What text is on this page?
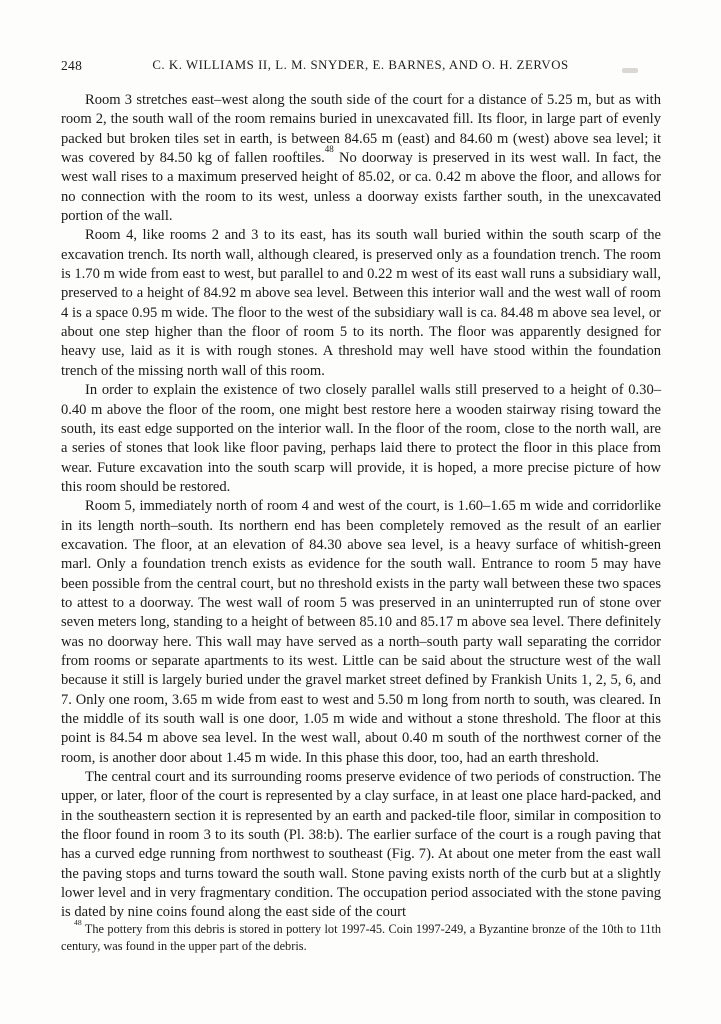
248	C. K. WILLIAMS II, L. M. SNYDER, E. BARNES, AND O. H. ZERVOS

Room 3 stretches east–west along the south side of the court for a distance of 5.25 m, but as with room 2, the south wall of the room remains buried in unexcavated fill. Its floor, in large part of evenly packed but broken tiles set in earth, is between 84.65 m (east) and 84.60 m (west) above sea level; it was covered by 84.50 kg of fallen rooftiles.$^{48}$ No doorway is preserved in its west wall. In fact, the west wall rises to a maximum preserved height of 85.02, or ca. 0.42 m above the floor, and allows for no connection with the room to its west, unless a doorway exists farther south, in the unexcavated portion of the wall.

Room 4, like rooms 2 and 3 to its east, has its south wall buried within the south scarp of the excavation trench. Its north wall, although cleared, is preserved only as a foundation trench. The room is 1.70 m wide from east to west, but parallel to and 0.22 m west of its east wall runs a subsidiary wall, preserved to a height of 84.92 m above sea level. Between this interior wall and the west wall of room 4 is a space 0.95 m wide. The floor to the west of the subsidiary wall is ca. 84.48 m above sea level, or about one step higher than the floor of room 5 to its north. The floor was apparently designed for heavy use, laid as it is with rough stones. A threshold may well have stood within the foundation trench of the missing north wall of this room.

In order to explain the existence of two closely parallel walls still preserved to a height of 0.30–0.40 m above the floor of the room, one might best restore here a wooden stairway rising toward the south, its east edge supported on the interior wall. In the floor of the room, close to the north wall, are a series of stones that look like floor paving, perhaps laid there to protect the floor in this place from wear. Future excavation into the south scarp will provide, it is hoped, a more precise picture of how this room should be restored.

Room 5, immediately north of room 4 and west of the court, is 1.60–1.65 m wide and corridorlike in its length north–south. Its northern end has been completely removed as the result of an earlier excavation. The floor, at an elevation of 84.30 above sea level, is a heavy surface of whitish-green marl. Only a foundation trench exists as evidence for the south wall. Entrance to room 5 may have been possible from the central court, but no threshold exists in the party wall between these two spaces to attest to a doorway. The west wall of room 5 was preserved in an uninterrupted run of stone over seven meters long, standing to a height of between 85.10 and 85.17 m above sea level. There definitely was no doorway here. This wall may have served as a north–south party wall separating the corridor from rooms or separate apartments to its west. Little can be said about the structure west of the wall because it still is largely buried under the gravel market street defined by Frankish Units 1, 2, 5, 6, and 7. Only one room, 3.65 m wide from east to west and 5.50 m long from north to south, was cleared. In the middle of its south wall is one door, 1.05 m wide and without a stone threshold. The floor at this point is 84.54 m above sea level. In the west wall, about 0.40 m south of the northwest corner of the room, is another door about 1.45 m wide. In this phase this door, too, had an earth threshold.

The central court and its surrounding rooms preserve evidence of two periods of construction. The upper, or later, floor of the court is represented by a clay surface, in at least one place hard-packed, and in the southeastern section it is represented by an earth and packed-tile floor, similar in composition to the floor found in room 3 to its south (Pl. 38:b). The earlier surface of the court is a rough paving that has a curved edge running from northwest to southeast (Fig. 7). At about one meter from the east wall the paving stops and turns toward the south wall. Stone paving exists north of the curb but at a slightly lower level and in very fragmentary condition. The occupation period associated with the stone paving is dated by nine coins found along the east side of the court

$^{48}$ The pottery from this debris is stored in pottery lot 1997-45. Coin 1997-249, a Byzantine bronze of the 10th to 11th century, was found in the upper part of the debris.
